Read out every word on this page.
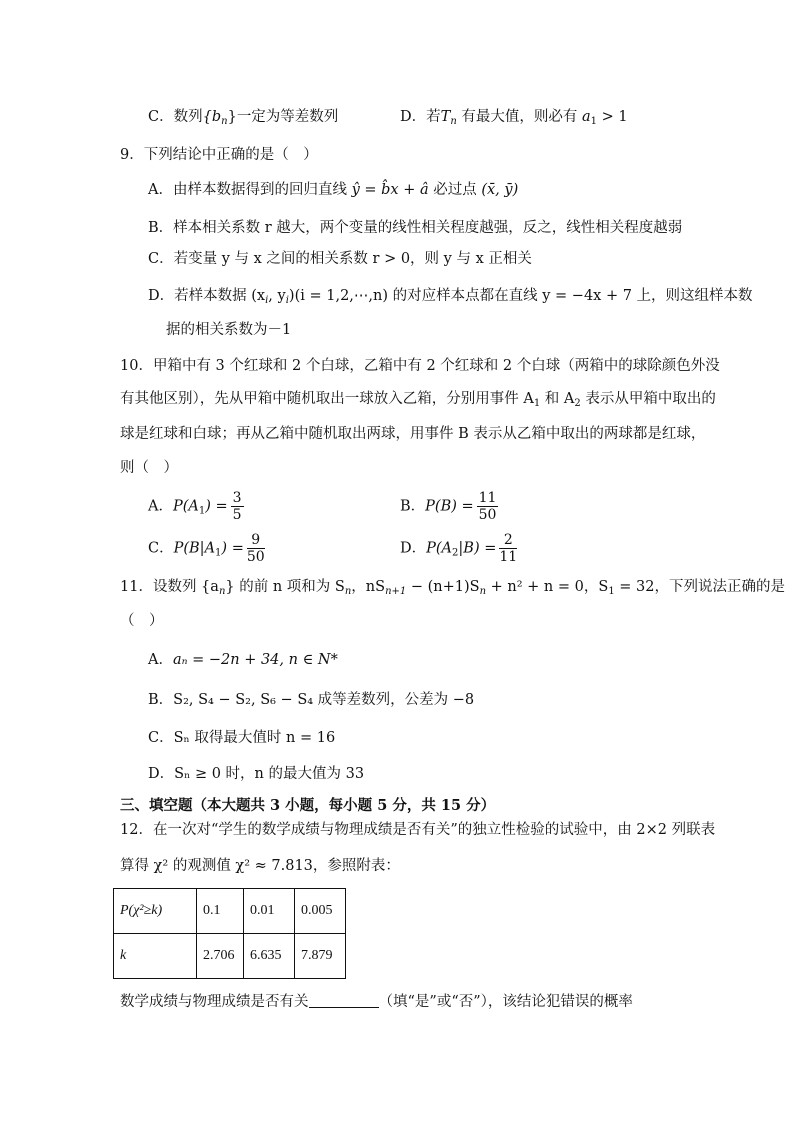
C．数列$\{b_n\}$一定为等差数列	D．若$T_n$ 有最大值，则必有 $a_1 > 1$
9．下列结论中正确的是（　）
A．由样本数据得到的回归直线 ŷ = b̂x + â 必过点 (x̄, ȳ)
B．样本相关系数 r 越大，两个变量的线性相关程度越强，反之，线性相关程度越弱
C．若变量 y 与 x 之间的相关系数 r > 0，则 y 与 x 正相关
D．若样本数据 ($x_i$, $y_i)(i$ = 1,2,⋯,n) 的对应样本点都在直线 y = −4x + 7 上，则这组样本数
据的相关系数为－1
10．甲箱中有 3 个红球和 2 个白球，乙箱中有 2 个红球和 2 个白球（两箱中的球除颜色外没
有其他区别），先从甲箱中随机取出一球放入乙箱，分别用事件 $A_1$ 和 $A_2$ 表示从甲箱中取出的
球是红球和白球；再从乙箱中随机取出两球，用事件 B 表示从乙箱中取出的两球都是红球，
则（　）
A．$P(A_1) = \frac{3}{5}$	B．$P(B) = \frac{11}{50}$
C．$P(B|A_1) = \frac{9}{50}$	D．$P(A_2|B) = \frac{2}{11}$
11．设数列 $\{a_n\}$ 的前 n 项和为 $S_n$，$nS_{n+1} - (n+1)S_n + n^2 + n = 0$，$S_1 = 32$，下列说法正确的是
（　）
A．aₙ = −2n + 34, n ∈ N*
B．S₂, S₄ − S₂, S₆ − S₄ 成等差数列，公差为 −8
C．Sₙ 取得最大值时 n = 16
D．Sₙ ≥ 0 时，n 的最大值为 33
三、填空题（本大题共 3 小题，每小题 5 分，共 15 分）
12．在一次对“学生的数学成绩与物理成绩是否有关”的独立性检验的试验中，由 2×2 列联表
算得 χ² 的观测值 χ² ≈ 7.813，参照附表：
P(χ²≥k)	0.1	0.01	0.005
k	2.706	6.635	7.879
数学成绩与物理成绩是否有关	（填“是”或“否”），该结论犯错误的概率
